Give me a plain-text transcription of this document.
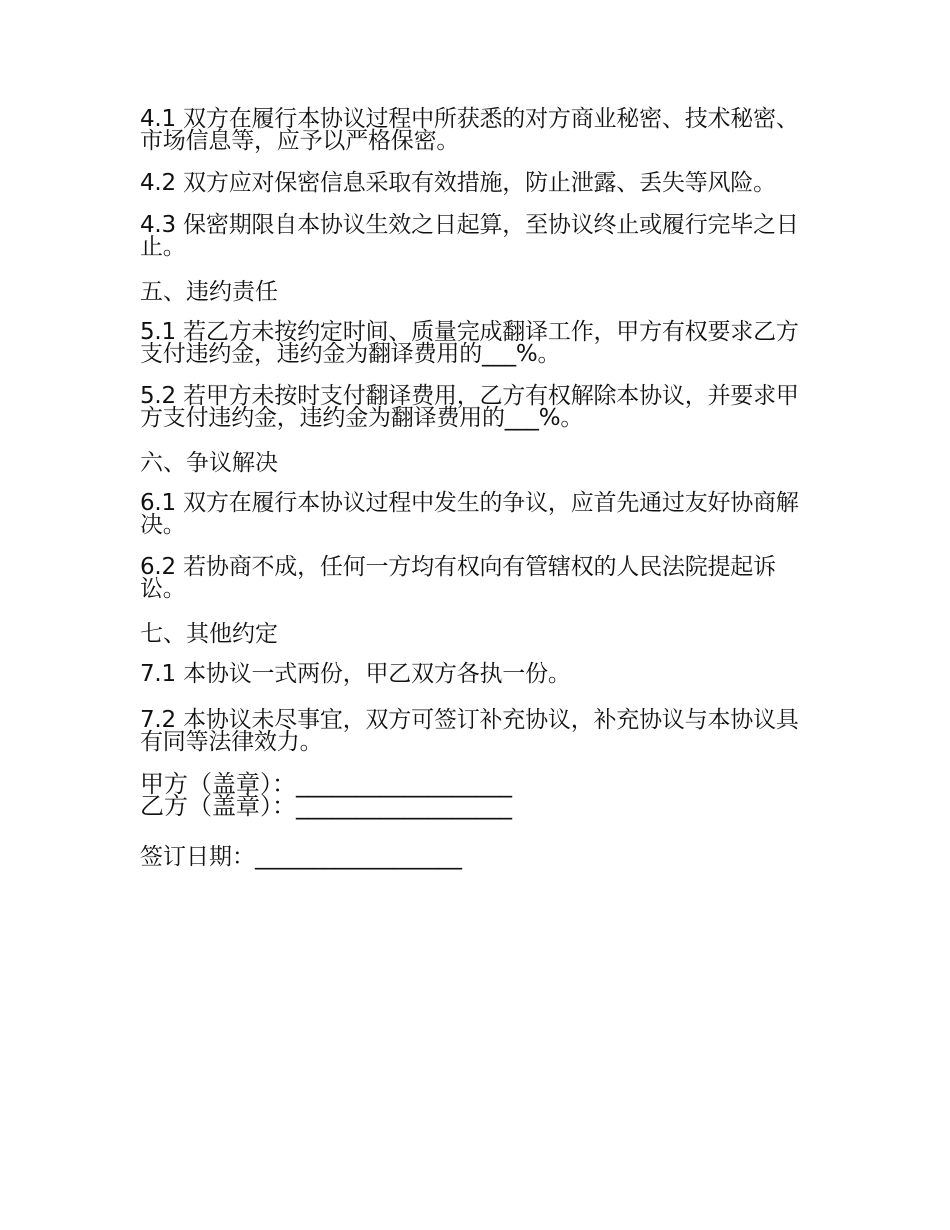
4.1 双方在履行本协议过程中所获悉的对方商业秘密、技术秘密、市场信息等，应予以严格保密。

4.2 双方应对保密信息采取有效措施，防止泄露、丢失等风险。

4.3 保密期限自本协议生效之日起算，至协议终止或履行完毕之日止。

五、违约责任

5.1 若乙方未按约定时间、质量完成翻译工作，甲方有权要求乙方支付违约金，违约金为翻译费用的___%。

5.2 若甲方未按时支付翻译费用，乙方有权解除本协议，并要求甲方支付违约金，违约金为翻译费用的___%。

六、争议解决

6.1 双方在履行本协议过程中发生的争议，应首先通过友好协商解决。

6.2 若协商不成，任何一方均有权向有管辖权的人民法院提起诉讼。

七、其他约定

7.1 本协议一式两份，甲乙双方各执一份。

7.2 本协议未尽事宜，双方可签订补充协议，补充协议与本协议具有同等法律效力。

甲方（盖章）：__________________

乙方（盖章）：__________________

签订日期：__________________
